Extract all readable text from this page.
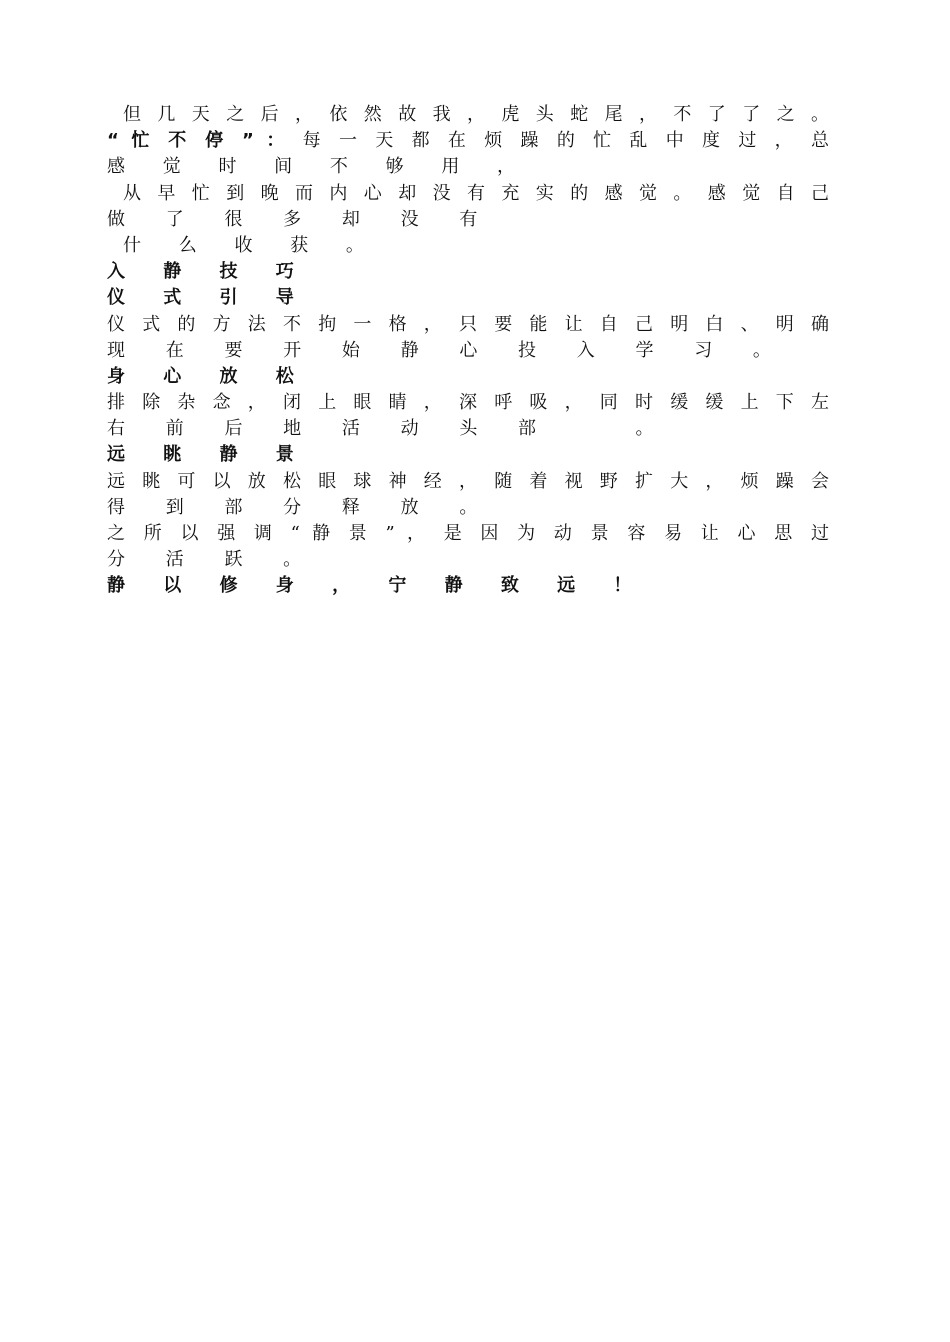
但 几 天 之 后 ， 依 然 故 我 ， 虎 头 蛇 尾 ， 不 了 了 之 。
“ 忙 不 停 ” ： 每 一 天 都 在 烦 躁 的 忙 乱 中 度 过 ， 总
感 觉 时 间 不 够 用 ，
从 早 忙 到 晚 而 内 心 却 没 有 充 实 的 感 觉 。 感 觉 自 己
做 了 很 多 却 没 有
什 么 收 获 。
入 静 技 巧
仪 式 引 导
仪 式 的 方 法 不 拘 一 格 ， 只 要 能 让 自 己 明 白 、 明 确
现 在 要 开 始 静 心 投 入 学 习 。
身 心 放 松
排 除 杂 念 ， 闭 上 眼 睛 ， 深 呼 吸 ， 同 时 缓 缓 上 下 左
右 前 后 地 活 动 头 部 　 。
远 眺 静 景
远 眺 可 以 放 松 眼 球 神 经 ， 随 着 视 野 扩 大 ， 烦 躁 会
得 到 部 分 释 放 。
之 所 以 强 调 “ 静 景 ” ， 是 因 为 动 景 容 易 让 心 思 过
分 活 跃 。
静 以 修 身 ， 宁 静 致 远 ！
